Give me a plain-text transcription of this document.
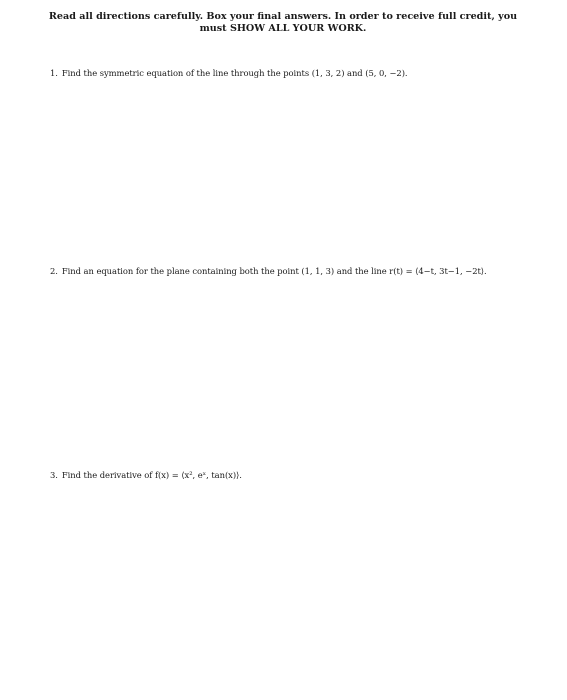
Read all directions carefully. Box your final answers. In order to receive full credit, you
must SHOW ALL YOUR WORK.
1. Find the symmetric equation of the line through the points (1, 3, 2) and (5, 0, −2).
2. Find an equation for the plane containing both the point (1, 1, 3) and the line r(t) = ⟨4−t, 3t−1, −2t⟩.
3. Find the derivative of f(x) = ⟨x², eˣ, tan(x)⟩.
